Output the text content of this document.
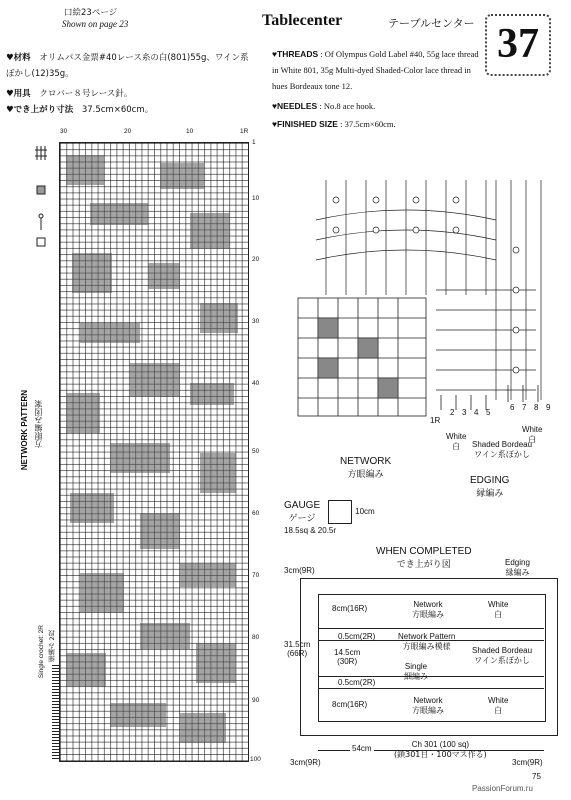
口絵23ページ
Shown on page 23	Tablecenter	テーブルセンター 37
♥材料 オリムパス金票#40レース糸の白(801)55g、ワイン系ぼかし(12)35g。
♥用具 クロバー８号レース針。
♥でき上がり寸法 37.5cm×60cm。
♥THREADS : Of Olympus Gold Label #40, 55g lace thread in White 801, 35g Multi-dyed Shaded-Color lace thread in hues Bordeaux tone 12.
♥NEEDLES : No.8 ace hook.
♥FINISHED SIZE : 37.5cm×60cm.
30	20	10	1R
NETWORK PATTERN 方眼編み図案
Single crochet: 2R 細編み 2段
1
10
20
30
40
50
60
70
80
90
100
1R
2 3 4 5
6 7 8 9
White
白	Shaded Bordeau
ワイン系ぼかし
White
白
NETWORK
方眼編み	EDGING
縁編み
GAUGE
ゲージ
10cm
18.5sq & 20.5r
WHEN COMPLETED
でき上がり図	Edging
縁編み
3cm(9R)
31.5cm
(66R)
8cm(16R)	Network
方眼編み
White
白
0.5cm(2R)
14.5cm
(30R)
Network Pattern
方眼編み模様
Single
細編み
Shaded Bordeau
ワイン系ぼかし
0.5cm(2R)
8cm(16R)	Network
方眼編み
White
白
54cm	Ch 301 (100 sq)
(鎖301目・100マス作る)
3cm(9R)	3cm(9R)
75
PassionForum.ru
